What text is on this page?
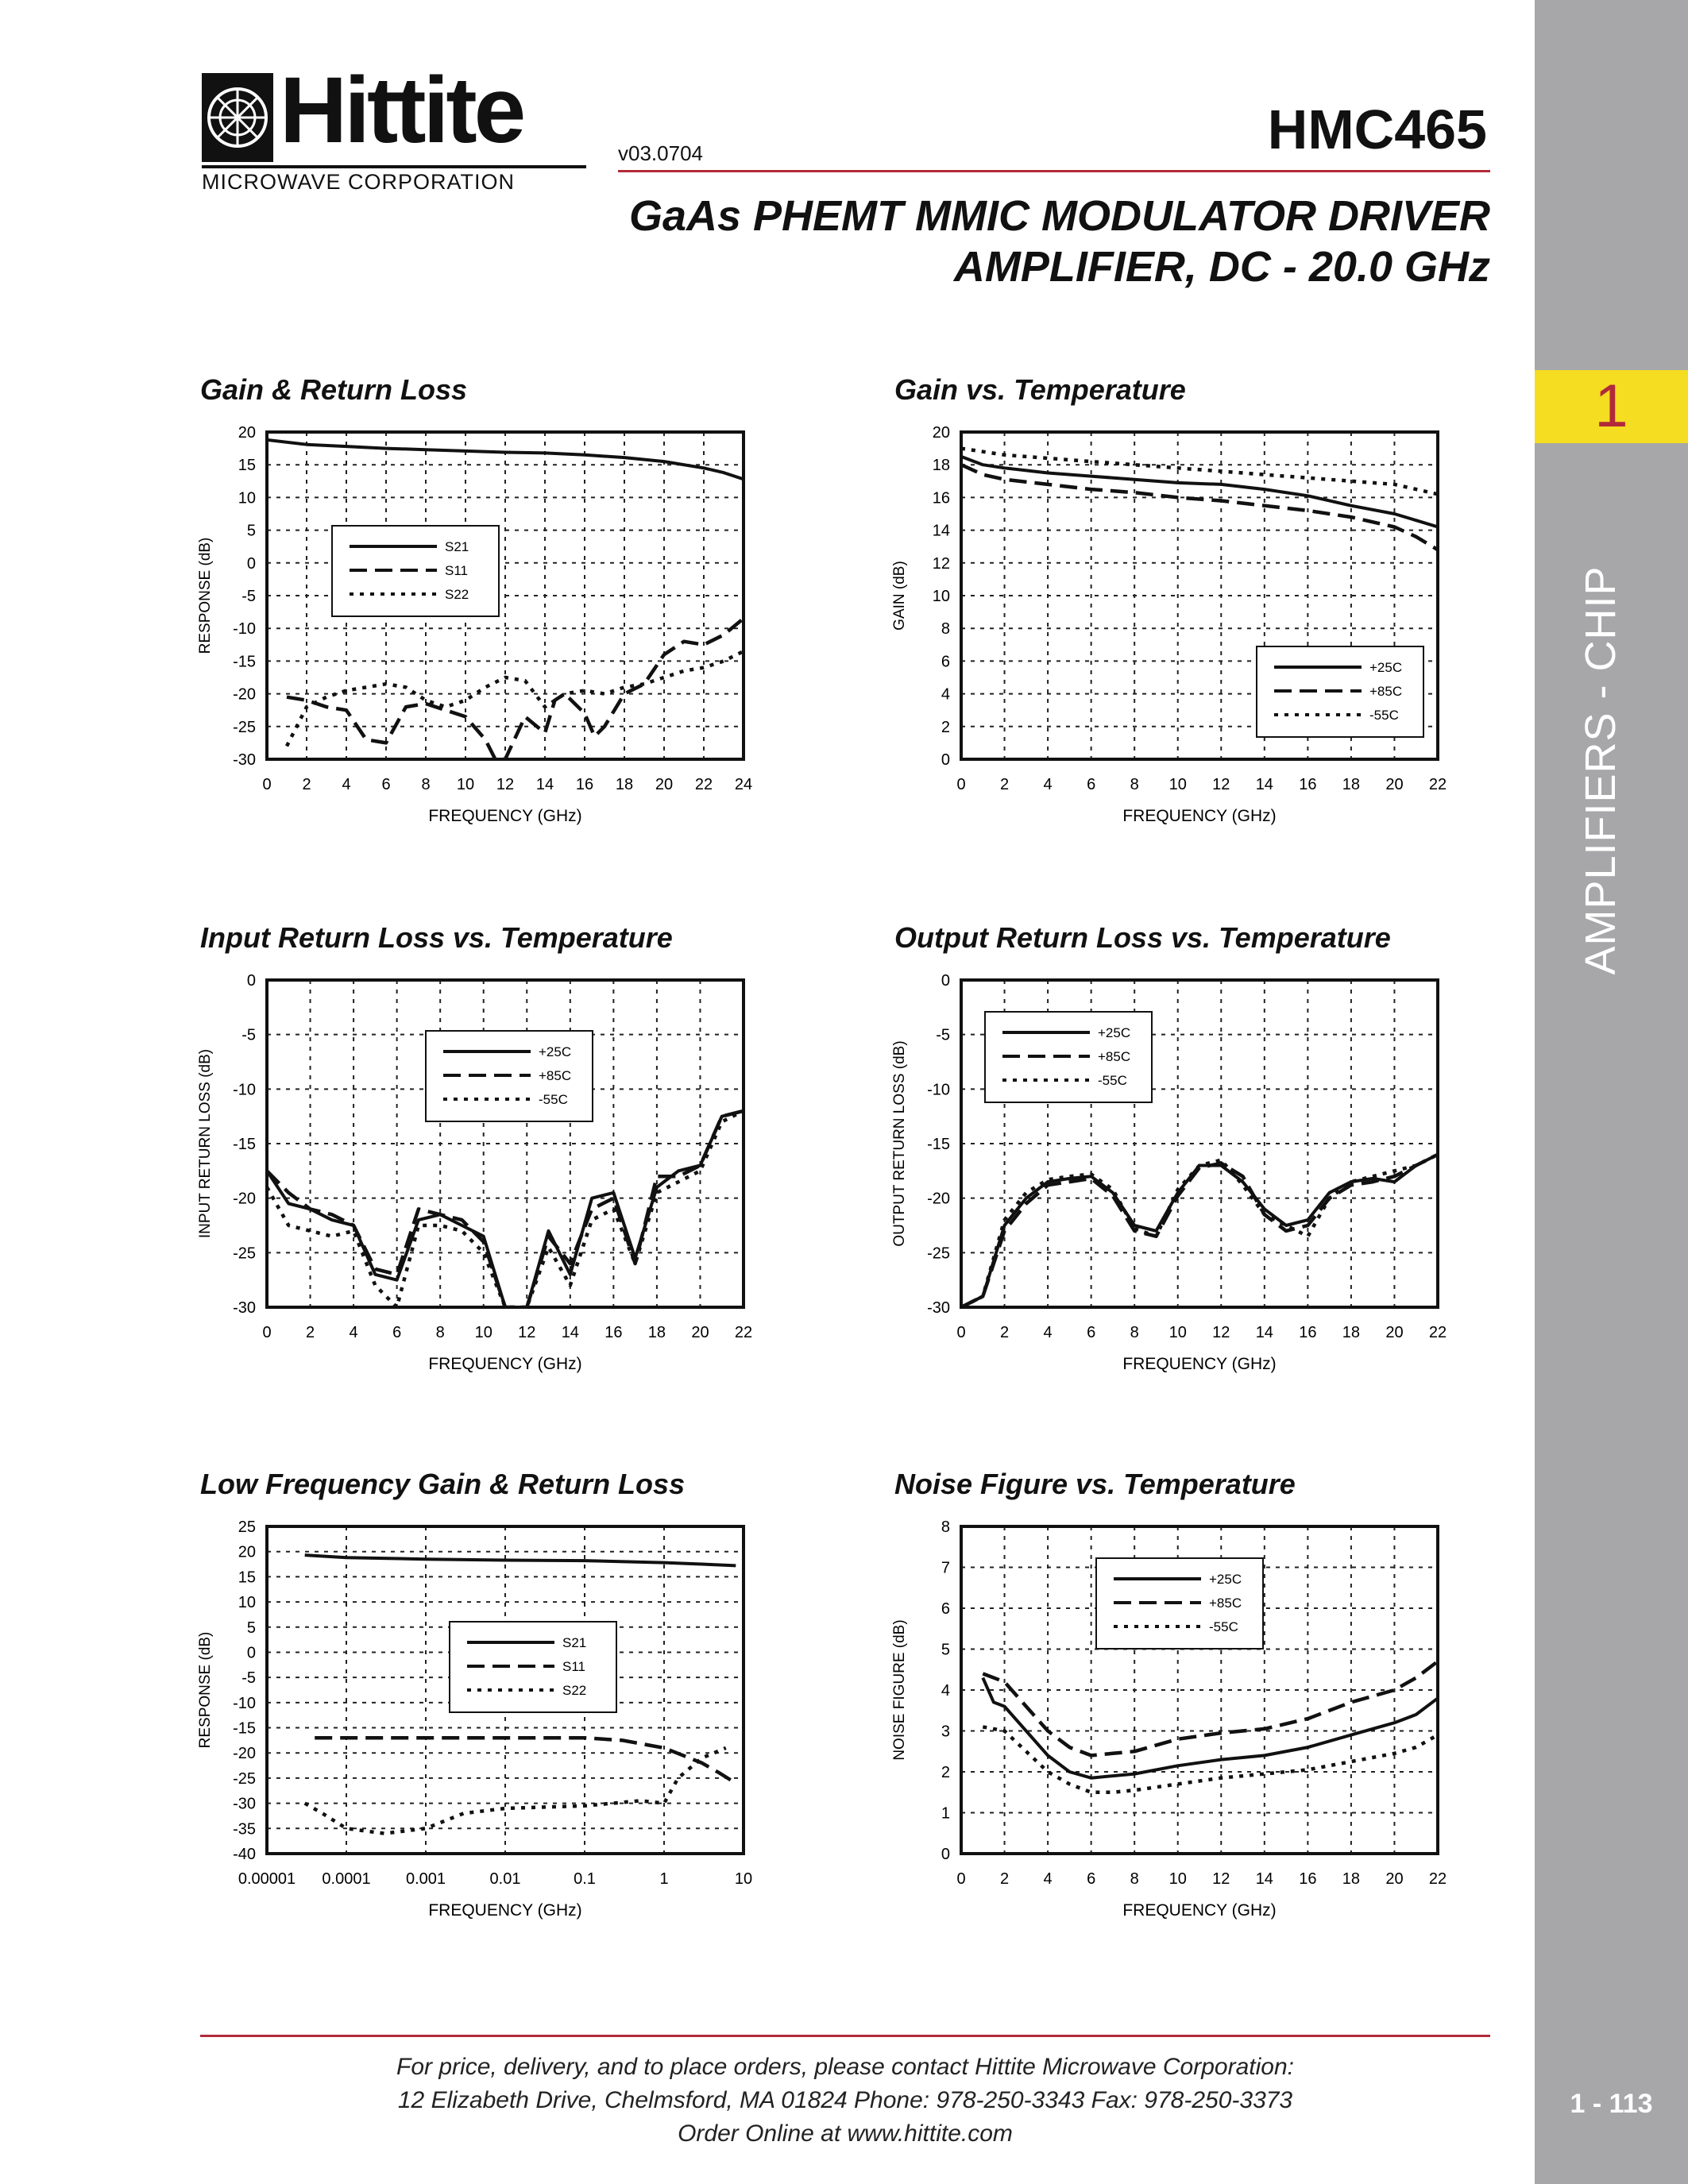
Hittite
MICROWAVE CORPORATION
v03.0704	HMC465
GaAs PHEMT MMIC MODULATOR DRIVER
AMPLIFIER, DC - 20.0 GHz
1
AMPLIFIERS - CHIP
1 - 113
Gain & Return Loss	Gain vs. Temperature
Input Return Loss vs. Temperature	Output Return Loss vs. Temperature
Low Frequency Gain & Return Loss	Noise Figure vs. Temperature
0 2 4 6 8 10 12 14 16 18 20 22 24
-30
-25
-20
-15
-10
-5
0
5
10
15
20
FREQUENCY (GHz)
RESPONSE (dB)	S21
S11
S22
0 2 4 6 8 10 12 14 16 18 20 22
0
2
4
6
8
10
12
14
16
18
20
FREQUENCY (GHz)
GAIN (dB)
+25C
+85C
-55C
0 2 4 6 8 10 12 14 16 18 20 22
-30
-25
-20
-15
-10
-5
0
FREQUENCY (GHz)
INPUT RETURN LOSS (dB)	+25C
+85C
-55C
0 2 4 6 8 10 12 14 16 18 20 22
-30
-25
-20
-15
-10
-5
0
FREQUENCY (GHz)
OUTPUT RETURN LOSS (dB)
+25C
+85C
-55C
0.00001 0.0001 0.001	0.01	0.1	1	10
-40
-35
-30
-25
-20
-15
-10
-5
0
5
10
15
20
25
FREQUENCY (GHz)
RESPONSE (dB)	S21
S11
S22
0 2 4 6 8 10 12 14 16 18 20 22
0
1
2
3
4
5
6
7
8
FREQUENCY (GHz)
NOISE FIGURE (dB)
+25C
+85C
-55C
For price, delivery, and to place orders, please contact Hittite Microwave Corporation:
12 Elizabeth Drive, Chelmsford, MA 01824 Phone: 978-250-3343 Fax: 978-250-3373
Order Online at www.hittite.com
